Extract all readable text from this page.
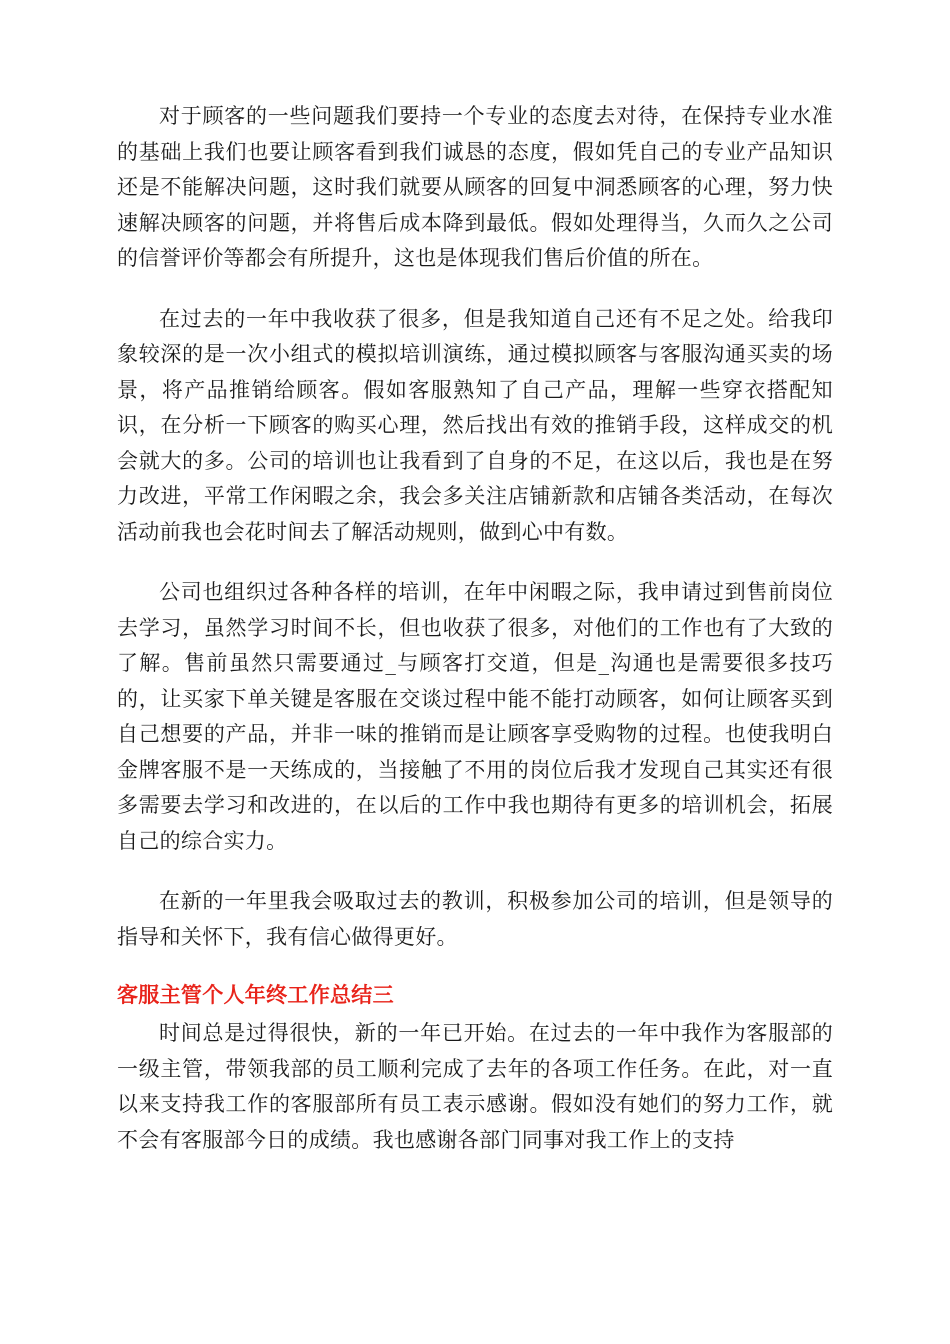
对于顾客的一些问题我们要持一个专业的态度去对待，在保持专业水准的基础上我们也要让顾客看到我们诚恳的态度，假如凭自己的专业产品知识还是不能解决问题，这时我们就要从顾客的回复中洞悉顾客的心理，努力快速解决顾客的问题，并将售后成本降到最低。假如处理得当，久而久之公司的信誉评价等都会有所提升，这也是体现我们售后价值的所在。

在过去的一年中我收获了很多，但是我知道自己还有不足之处。给我印象较深的是一次小组式的模拟培训演练，通过模拟顾客与客服沟通买卖的场景，将产品推销给顾客。假如客服熟知了自己产品，理解一些穿衣搭配知识，在分析一下顾客的购买心理，然后找出有效的推销手段，这样成交的机会就大的多。公司的培训也让我看到了自身的不足，在这以后，我也是在努力改进，平常工作闲暇之余，我会多关注店铺新款和店铺各类活动，在每次活动前我也会花时间去了解活动规则，做到心中有数。

公司也组织过各种各样的培训，在年中闲暇之际，我申请过到售前岗位去学习，虽然学习时间不长，但也收获了很多，对他们的工作也有了大致的了解。售前虽然只需要通过_与顾客打交道，但是_沟通也是需要很多技巧的，让买家下单关键是客服在交谈过程中能不能打动顾客，如何让顾客买到自己想要的产品，并非一味的推销而是让顾客享受购物的过程。也使我明白金牌客服不是一天练成的，当接触了不用的岗位后我才发现自己其实还有很多需要去学习和改进的，在以后的工作中我也期待有更多的培训机会，拓展自己的综合实力。

在新的一年里我会吸取过去的教训，积极参加公司的培训，但是领导的指导和关怀下，我有信心做得更好。

客服主管个人年终工作总结三

时间总是过得很快，新的一年已开始。在过去的一年中我作为客服部的一级主管，带领我部的员工顺利完成了去年的各项工作任务。在此，对一直以来支持我工作的客服部所有员工表示感谢。假如没有她们的努力工作，就不会有客服部今日的成绩。我也感谢各部门同事对我工作上的支持
